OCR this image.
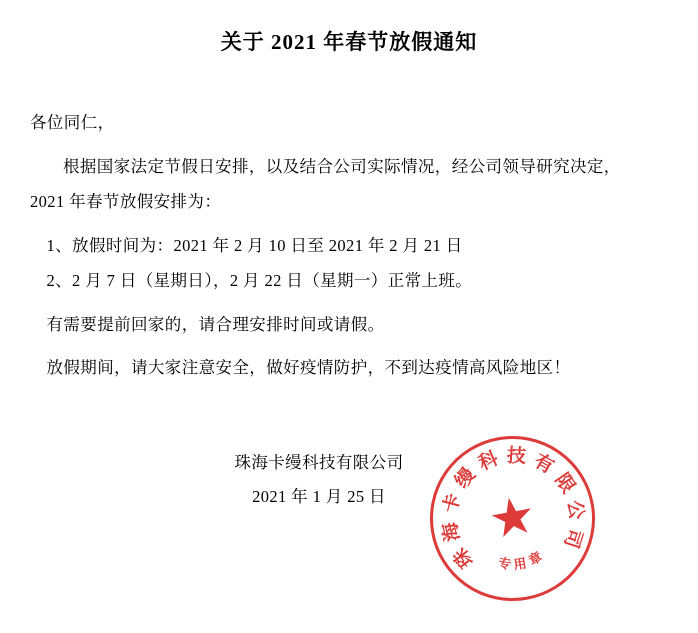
关于 2021 年春节放假通知

各位同仁，

根据国家法定节假日安排，以及结合公司实际情况，经公司领导研究决定，

2021 年春节放假安排为：

1、放假时间为：2021 年 2 月 10 日至 2021 年 2 月 21 日

2、2 月 7 日（星期日），2 月 22 日（星期一）正常上班。

有需要提前回家的，请合理安排时间或请假。

放假期间，请大家注意安全，做好疫情防护，不到达疫情高风险地区！

珠海卡缦科技有限公司
2021 年 1 月 25 日
珠
海
卡
缦
科 技 有
限
公
司
★
专 用
章
